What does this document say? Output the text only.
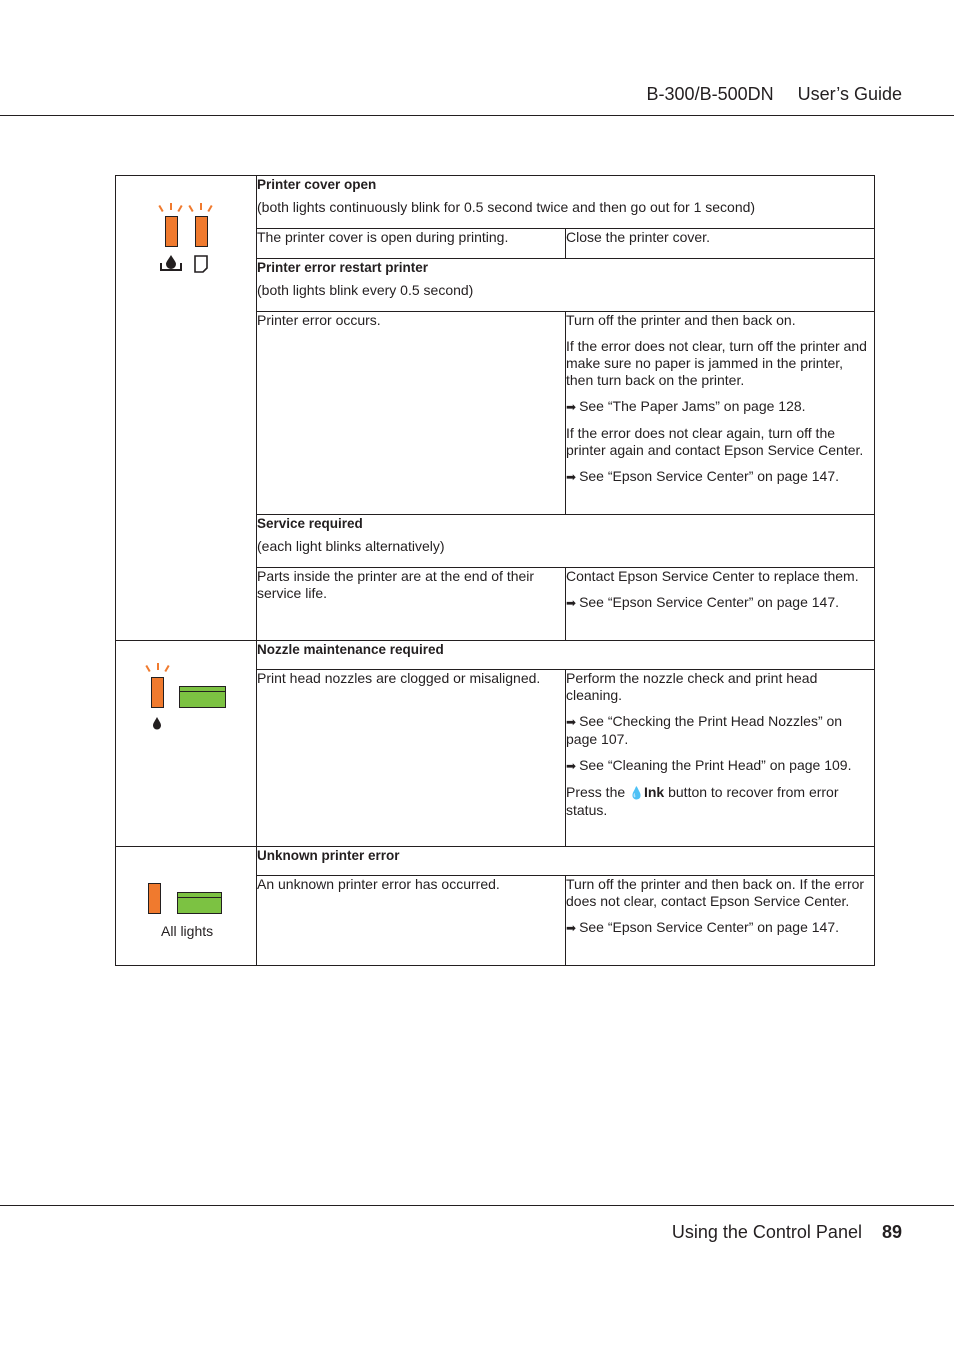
B-300/B-500DN User’s Guide

Printer cover open
(both lights continuously blink for 0.5 second twice and then go out for 1 second)	

	The printer cover is open during printing.	Close the printer cover.

	Printer error restart printer
(both lights blink every 0.5 second)	

	Printer error occurs.	Turn off the printer and then back on.

If the error does not clear, turn off the printer and make sure no paper is jammed in the printer, then turn back on the printer.

➡ See “The Paper Jams” on page 128.

If the error does not clear again, turn off the printer again and contact Epson Service Center.

➡ See “Epson Service Center” on page 147.

	Service required
(each light blinks alternatively)	

	Parts inside the printer are at the end of their service life.	Contact Epson Service Center to replace them.

➡ See “Epson Service Center” on page 147.

Nozzle maintenance required	

	Print head nozzles are clogged or misaligned.	Perform the nozzle check and print head cleaning.

➡ See “Checking the Print Head Nozzles” on page 107.

➡ See “Cleaning the Print Head” on page 109.

Press the 💧Ink button to recover from error status.

All lights	Unknown printer error	

	An unknown printer error has occurred.	Turn off the printer and then back on. If the error does not clear, contact Epson Service Center.

➡ See “Epson Service Center” on page 147.

Using the Control Panel 89
